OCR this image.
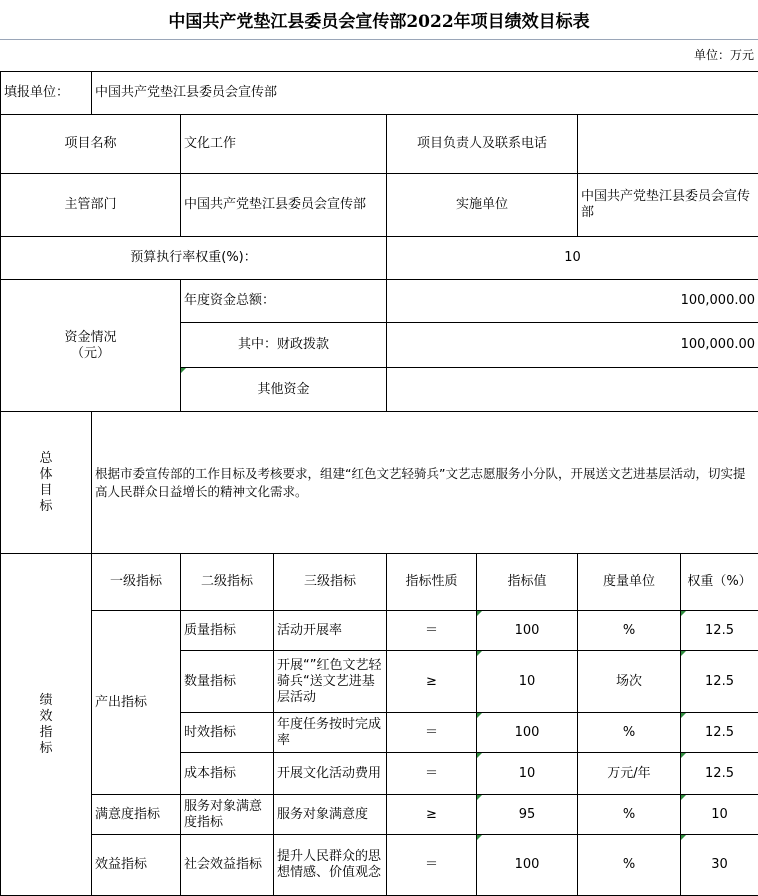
中国共产党垫江县委员会宣传部2022年项目绩效目标表
单位：万元
填报单位：	中国共产党垫江县委员会宣传部						
项目名称		文化工作		项目负责人及联系电话			
主管部门		中国共产党垫江县委员会宣传部		实施单位		中国共产党垫江县委员会宣传部	
预算执行率权重(%)：				10			
资金情况（元）		年度资金总额：		100,000.00			
		其中：财政拨款		100,000.00			
		其他资金					
总体目标	根据市委宣传部的工作目标及考核要求，组建“红色文艺轻骑兵”文艺志愿服务小分队，开展送文艺进基层活动，切实提高人民群众日益增长的精神文化需求。						
绩效指标	一级指标	二级指标	三级指标	指标性质	指标值	度量单位	权重（%）
	产出指标	质量指标	活动开展率	＝	100	%	12.5
		数量指标	开展“”红色文艺轻骑兵“送文艺进基层活动	≥	10	场次	12.5
		时效指标	年度任务按时完成率	＝	100	%	12.5
		成本指标	开展文化活动费用	＝	10	万元/年	12.5
	满意度指标	服务对象满意度指标	服务对象满意度	≥	95	%	10
	效益指标	社会效益指标	提升人民群众的思想情感、价值观念	＝	100	%	30
